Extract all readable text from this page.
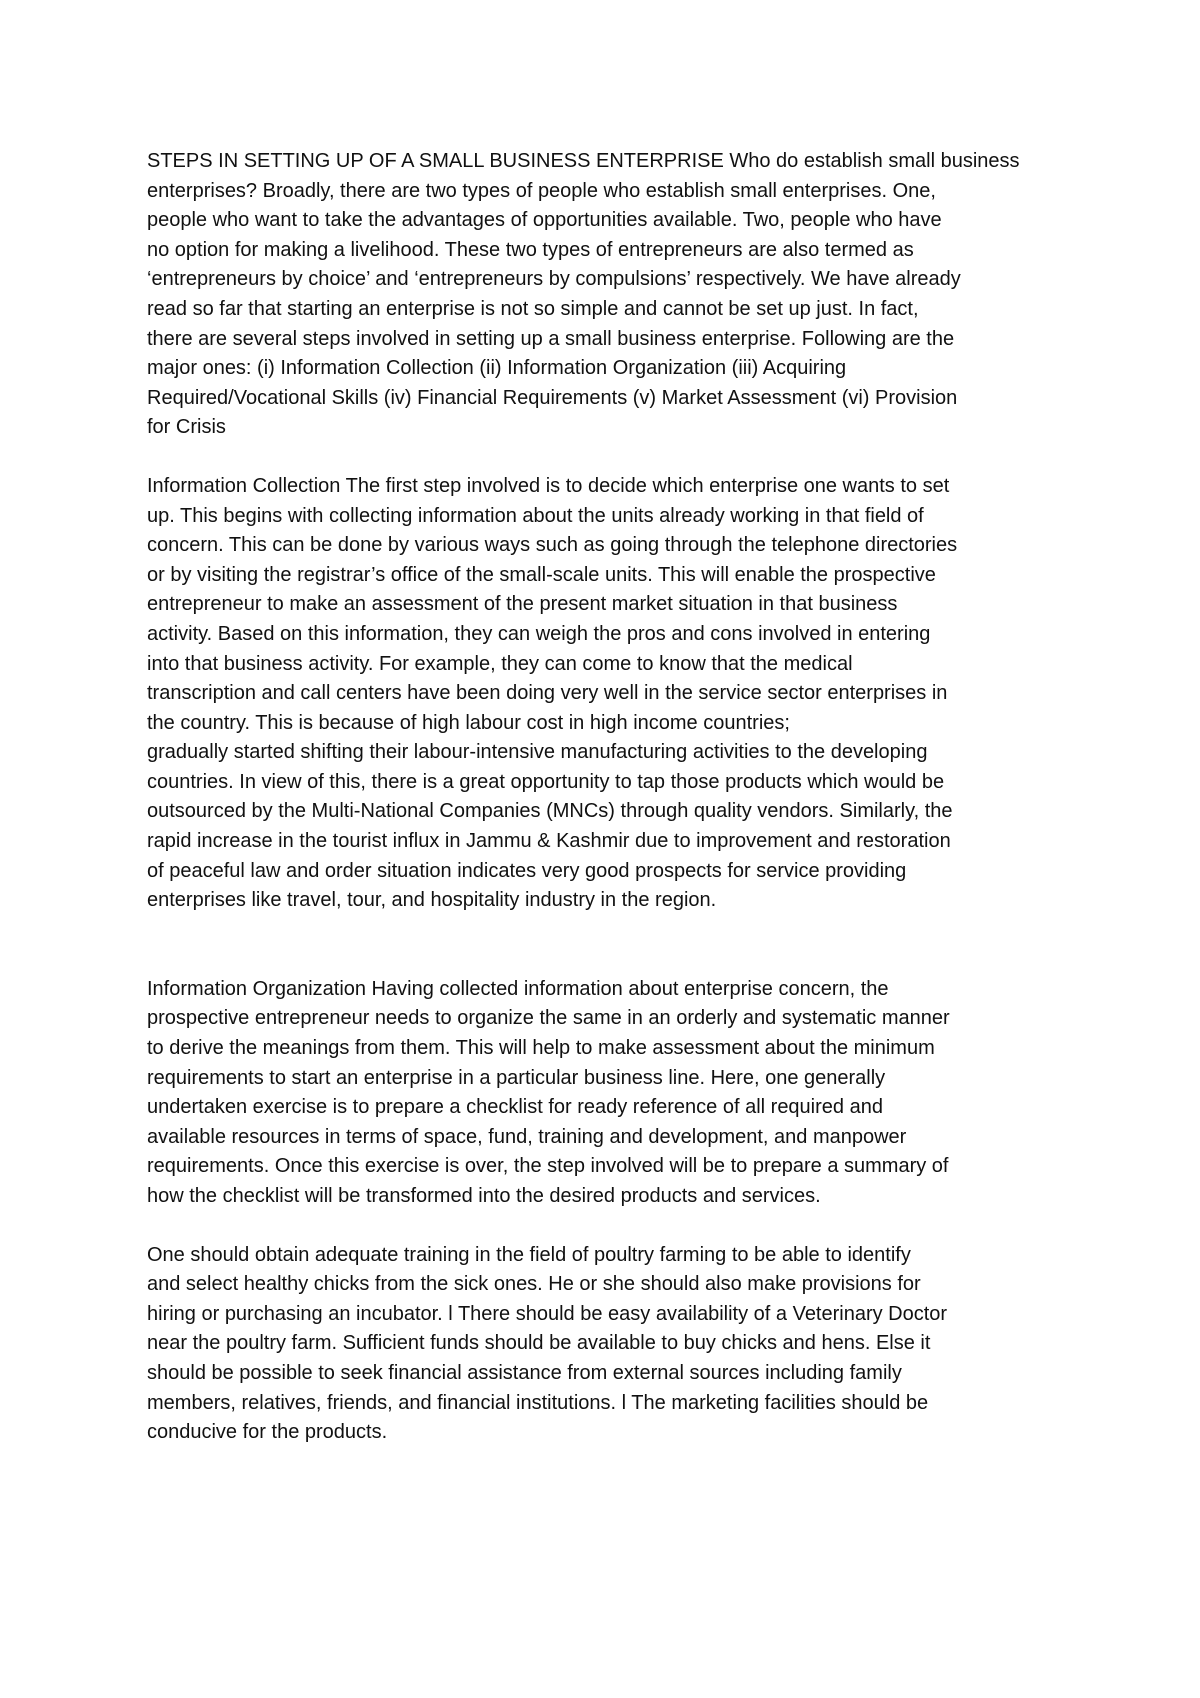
STEPS IN SETTING UP OF A SMALL BUSINESS ENTERPRISE Who do establish small business
enterprises? Broadly, there are two types of people who establish small enterprises. One,
people who want to take the advantages of opportunities available. Two, people who have
no option for making a livelihood. These two types of entrepreneurs are also termed as
‘entrepreneurs by choice’ and ‘entrepreneurs by compulsions’ respectively. We have already
read so far that starting an enterprise is not so simple and cannot be set up just. In fact,
there are several steps involved in setting up a small business enterprise. Following are the
major ones: (i) Information Collection (ii) Information Organization (iii) Acquiring
Required/Vocational Skills (iv) Financial Requirements (v) Market Assessment (vi) Provision
for Crisis

Information Collection The first step involved is to decide which enterprise one wants to set
up. This begins with collecting information about the units already working in that field of
concern. This can be done by various ways such as going through the telephone directories
or by visiting the registrar’s office of the small-scale units. This will enable the prospective
entrepreneur to make an assessment of the present market situation in that business
activity. Based on this information, they can weigh the pros and cons involved in entering
into that business activity. For example, they can come to know that the medical
transcription and call centers have been doing very well in the service sector enterprises in
the country. This is because of high labour cost in high income countries;
gradually started shifting their labour-intensive manufacturing activities to the developing
countries. In view of this, there is a great opportunity to tap those products which would be
outsourced by the Multi-National Companies (MNCs) through quality vendors. Similarly, the
rapid increase in the tourist influx in Jammu & Kashmir due to improvement and restoration
of peaceful law and order situation indicates very good prospects for service providing
enterprises like travel, tour, and hospitality industry in the region.

Information Organization Having collected information about enterprise concern, the
prospective entrepreneur needs to organize the same in an orderly and systematic manner
to derive the meanings from them. This will help to make assessment about the minimum
requirements to start an enterprise in a particular business line. Here, one generally
undertaken exercise is to prepare a checklist for ready reference of all required and
available resources in terms of space, fund, training and development, and manpower
requirements. Once this exercise is over, the step involved will be to prepare a summary of
how the checklist will be transformed into the desired products and services.

One should obtain adequate training in the field of poultry farming to be able to identify
and select healthy chicks from the sick ones. He or she should also make provisions for
hiring or purchasing an incubator. l There should be easy availability of a Veterinary Doctor
near the poultry farm. Sufficient funds should be available to buy chicks and hens. Else it
should be possible to seek financial assistance from external sources including family
members, relatives, friends, and financial institutions. l The marketing facilities should be
conducive for the products.
